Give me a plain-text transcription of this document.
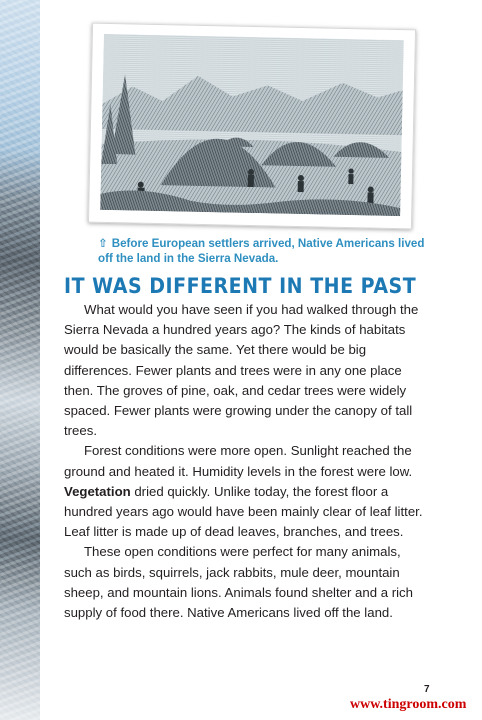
⇧ Before European settlers arrived, Native Americans lived off the land in the Sierra Nevada.
IT WAS DIFFERENT IN THE PAST

What would you have seen if you had walked through the Sierra Nevada a hundred years ago? The kinds of habitats would be basically the same. Yet there would be big differences. Fewer plants and trees were in any one place then. The groves of pine, oak, and cedar trees were widely spaced. Fewer plants were growing under the canopy of tall trees.

Forest conditions were more open. Sunlight reached the ground and heated it. Humidity levels in the forest were low. Vegetation dried quickly. Unlike today, the forest floor a hundred years ago would have been mainly clear of leaf litter. Leaf litter is made up of dead leaves, branches, and trees.

These open conditions were perfect for many animals, such as birds, squirrels, jack rabbits, mule deer, mountain sheep, and mountain lions. Animals found shelter and a rich supply of food there. Native Americans lived off the land.

7
www.tingroom.com
